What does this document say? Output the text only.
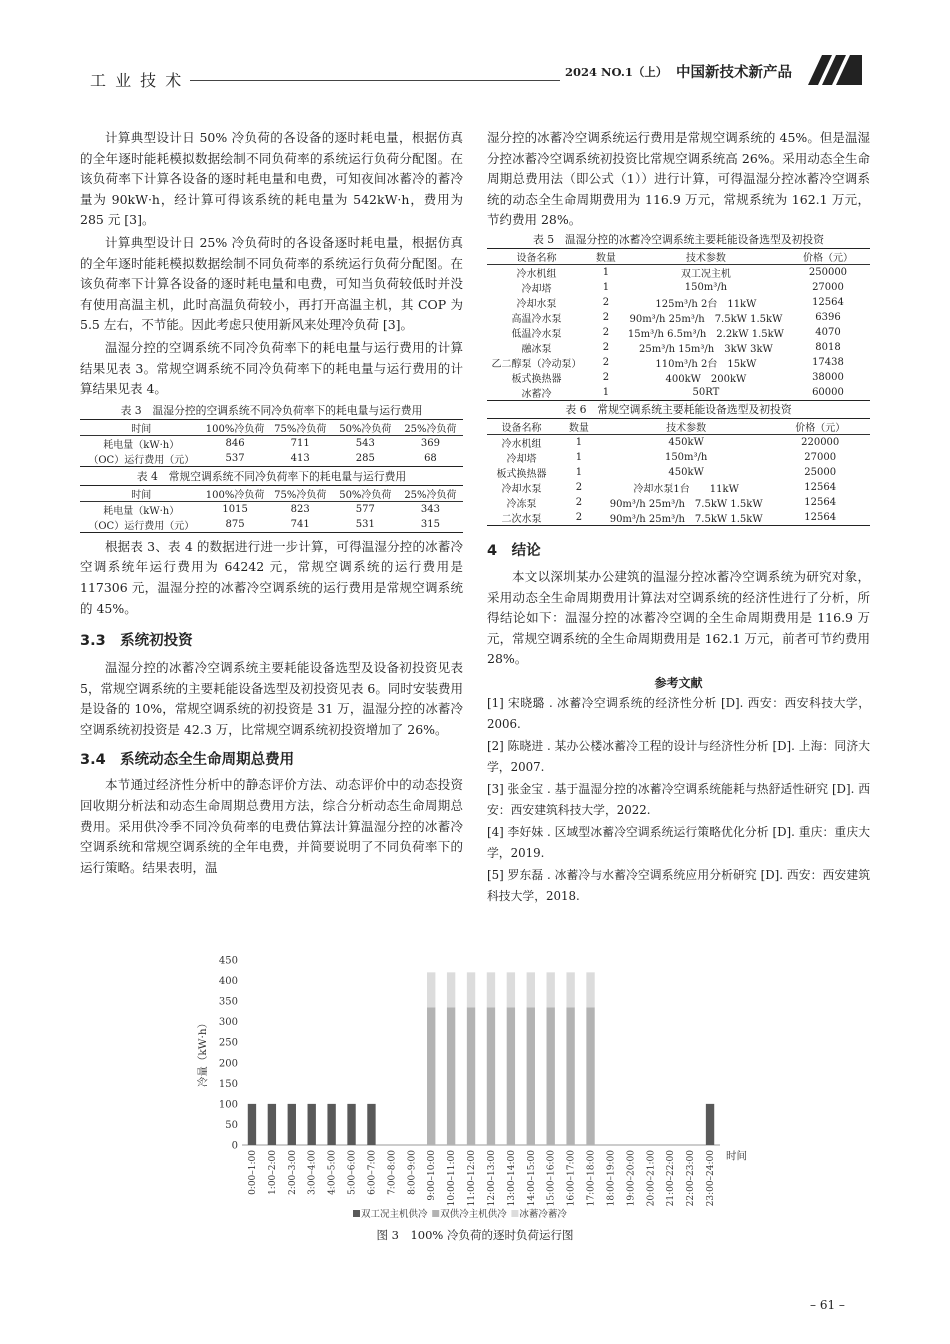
工 业 技 术	2024 NO.1（上） 中国新技术新产品

计算典型设计日 50% 冷负荷的各设备的逐时耗电量，根据仿真的全年逐时能耗模拟数据绘制不同负荷率的系统运行负荷分配图。在该负荷率下计算各设备的逐时耗电量和电费，可知夜间冰蓄冷的蓄冷量为 90kW·h，经计算可得该系统的耗电量为 542kW·h，费用为 285 元 [3]。

计算典型设计日 25% 冷负荷时的各设备逐时耗电量，根据仿真的全年逐时能耗模拟数据绘制不同负荷率的系统运行负荷分配图。在该负荷率下计算各设备的逐时耗电量和电费，可知当负荷较低时并没有使用高温主机，此时高温负荷较小，再打开高温主机，其 COP 为 5.5 左右，不节能。因此考虑只使用新风来处理冷负荷 [3]。

温湿分控的空调系统不同冷负荷率下的耗电量与运行费用的计算结果见表 3。常规空调系统不同冷负荷率下的耗电量与运行费用的计算结果见表 4。

表 3　温湿分控的空调系统不同冷负荷率下的耗电量与运行费用
时间	100%冷负荷	75%冷负荷	50%冷负荷	25%冷负荷
耗电量（kW·h）	846	711	543	369
（OC）运行费用（元）	537	413	285	68
表 4　常规空调系统不同冷负荷率下的耗电量与运行费用
时间	100%冷负荷	75%冷负荷	50%冷负荷	25%冷负荷
耗电量（kW·h）	1015	823	577	343
（OC）运行费用（元）	875	741	531	315

根据表 3、表 4 的数据进行进一步计算，可得温湿分控的冰蓄冷空调系统年运行费用为 64242 元，常规空调系统的运行费用是 117306 元，温湿分控的冰蓄冷空调系统的运行费用是常规空调系统的 45%。

3.3　系统初投资

温湿分控的冰蓄冷空调系统主要耗能设备选型及设备初投资见表 5，常规空调系统的主要耗能设备选型及初投资见表 6。同时安装费用是设备的 10%，常规空调系统的初投资是 31 万，温湿分控的冰蓄冷空调系统初投资是 42.3 万，比常规空调系统初投资增加了 26%。

3.4　系统动态全生命周期总费用

本节通过经济性分析中的静态评价方法、动态评价中的动态投资回收期分析法和动态生命周期总费用方法，综合分析动态生命周期总费用。采用供冷季不同冷负荷率的电费估算法计算温湿分控的冰蓄冷空调系统和常规空调系统的全年电费，并简要说明了不同负荷率下的运行策略。结果表明，温

湿分控的冰蓄冷空调系统运行费用是常规空调系统的 45%。但是温湿分控冰蓄冷空调系统初投资比常规空调系统高 26%。采用动态全生命周期总费用法（即公式（1））进行计算，可得温湿分控冰蓄冷空调系统的动态全生命周期费用为 116.9 万元，常规系统为 162.1 万元，节约费用 28%。

表 5　温湿分控的冰蓄冷空调系统主要耗能设备选型及初投资
设备名称	数量	技术参数	价格（元）
冷水机组	1	双工况主机	250000
冷却塔	1	150m³/h	27000
冷却水泵	2	125m³/h 2台　11kW	12564
高温冷水泵	2	90m³/h 25m³/h　7.5kW 1.5kW	6396
低温冷水泵	2	15m³/h 6.5m³/h　2.2kW 1.5kW	4070
融冰泵	2	25m³/h 15m³/h　3kW 3kW	8018
乙二醇泵（冷动泵）	2	110m³/h 2台　15kW	17438
板式换热器	2	400kW　200kW	38000
冰蓄冷	1	50RT	60000
表 6　常规空调系统主要耗能设备选型及初投资
设备名称	数量	技术参数	价格（元）
冷水机组	1	450kW	220000
冷却塔	1	150m³/h	27000
板式换热器	1	450kW	25000
冷却水泵	2	冷却水泵1台　　11kW	12564
冷冻泵	2	90m³/h 25m³/h　7.5kW 1.5kW	12564
二次水泵	2	90m³/h 25m³/h　7.5kW 1.5kW	12564
4　结论

本文以深圳某办公建筑的温湿分控冰蓄冷空调系统为研究对象，采用动态全生命周期费用计算法对空调系统的经济性进行了分析，所得结论如下：温湿分控的冰蓄冷空调的全生命周期费用是 116.9 万元，常规空调系统的全生命周期费用是 162.1 万元，前者可节约费用 28%。

参考文献
[1] 宋晓璐 . 冰蓄冷空调系统的经济性分析 [D]. 西安：西安科技大学，2006.
[2] 陈晓进 . 某办公楼冰蓄冷工程的设计与经济性分析 [D]. 上海：同济大学，2007.
[3] 张金宝 . 基于温湿分控的冰蓄冷空调系统能耗与热舒适性研究 [D]. 西安：西安建筑科技大学，2022.
[4] 李好妹 . 区域型冰蓄冷空调系统运行策略优化分析 [D]. 重庆：重庆大学，2019.
[5] 罗东磊 . 冰蓄冷与水蓄冷空调系统应用分析研究 [D]. 西安：西安建筑科技大学，2018.
0
50
100
150
200
250
300
350
400
450
冷量（kW·h）
时间
0:00–1:00 1:00–2:00 2:00–3:00 3:00–4:00 4:00–5:00 5:00–6:00 6:00–7:00 7:00–8:00 8:00–9:00 9:00–10:00 10:00–11:00 11:00–12:00 12:00–13:00 13:00–14:00 14:00–15:00 15:00–16:00 16:00–17:00 17:00–18:00 18:00–19:00 19:00–20:00 20:00–21:00 21:00–22:00 22:00–23:00 23:00–24:00
双工况主机供冷 双供冷主机供冷 冰蓄冷蓄冷
图 3　100% 冷负荷的逐时负荷运行图
– 61 –
